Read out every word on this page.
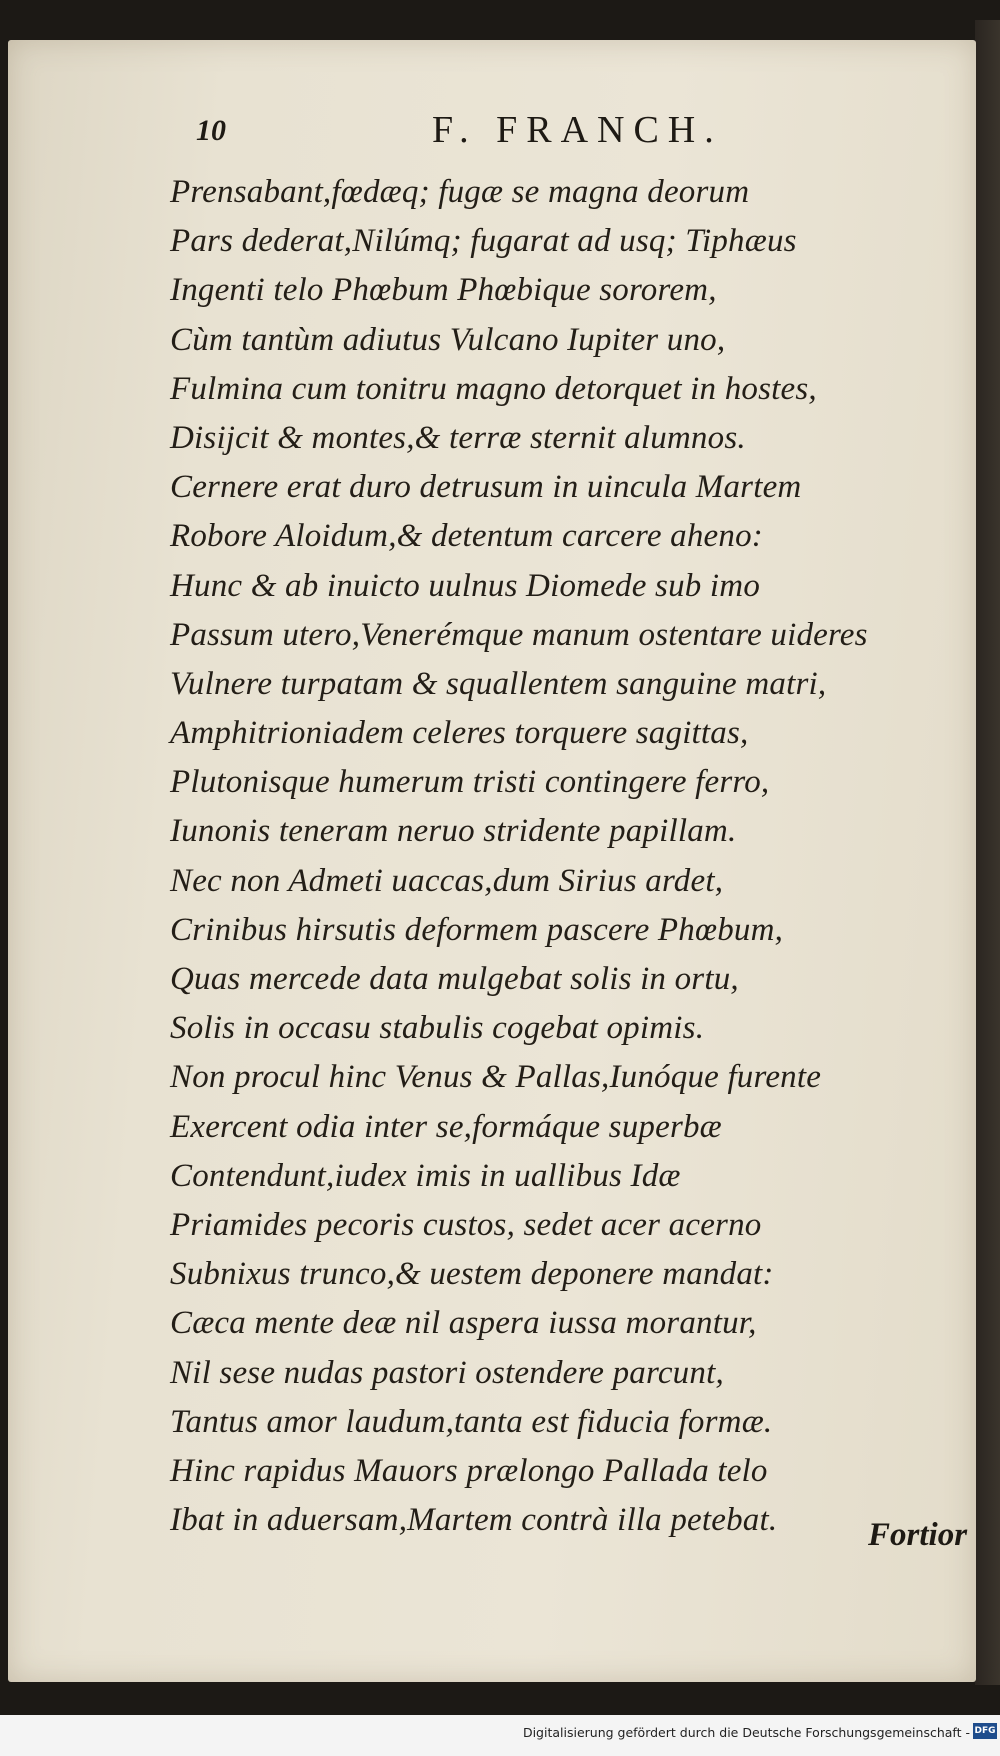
10	F. FRANCH.
Prensabant,fœdæq; fugæ se magna deorum
Pars dederat,Nilúmq; fugarat ad usq; Tiphæus
Ingenti telo Phœbum Phœbique sororem,
Cùm tantùm adiutus Vulcano Iupiter uno,
Fulmina cum tonitru magno detorquet in hostes,
Disijcit & montes,& terræ sternit alumnos.
Cernere erat duro detrusum in uincula Martem
Robore Aloidum,& detentum carcere aheno:
Hunc & ab inuicto uulnus Diomede sub imo
Passum utero,Venerémque manum ostentare uideres
Vulnere turpatam & squallentem sanguine matri,
Amphitrioniadem celeres torquere sagittas,
Plutonisque humerum tristi contingere ferro,
Iunonis teneram neruo stridente papillam.
Nec non Admeti uaccas,dum Sirius ardet,
Crinibus hirsutis deformem pascere Phœbum,
Quas mercede data mulgebat solis in ortu,
Solis in occasu stabulis cogebat opimis.
Non procul hinc Venus & Pallas,Iunóque furente
Exercent odia inter se,formáque superbæ
Contendunt,iudex imis in uallibus Idæ
Priamides pecoris custos, sedet acer acerno
Subnixus trunco,& uestem deponere mandat:
Cæca mente deæ nil aspera iussa morantur,
Nil sese nudas pastori ostendere parcunt,
Tantus amor laudum,tanta est fiducia formæ.
Hinc rapidus Mauors prælongo Pallada telo
Ibat in aduersam,Martem contrà illa petebat.	Fortior
Digitalisierung gefördert durch die Deutsche Forschungsgemeinschaft - DFG
